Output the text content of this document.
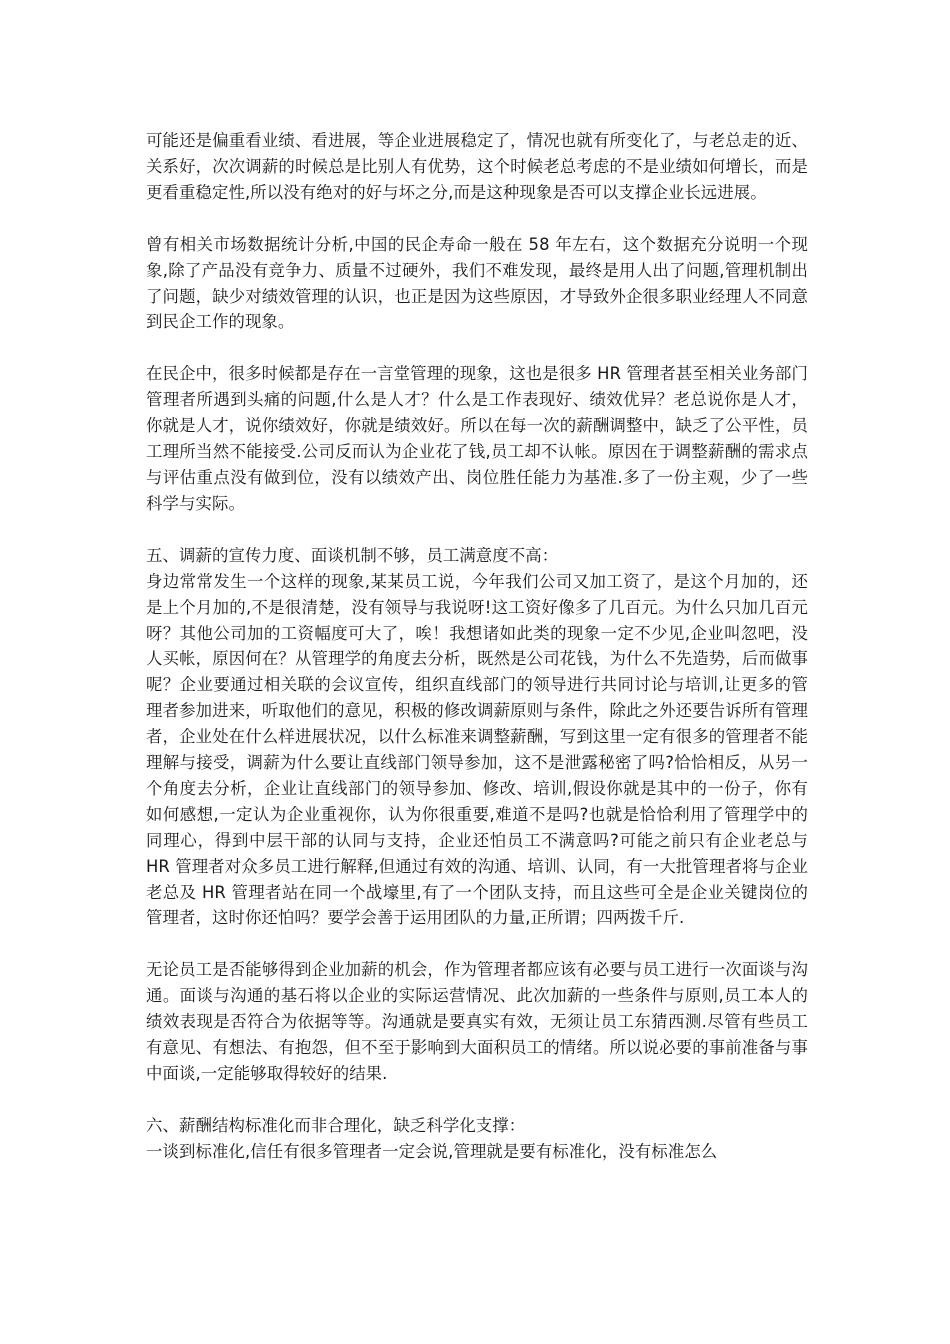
可能还是偏重看业绩、看进展，等企业进展稳定了，情况也就有所变化了，与老总走的近、关系好，次次调薪的时候总是比别人有优势，这个时候老总考虑的不是业绩如何增长，而是更看重稳定性,所以没有绝对的好与坏之分,而是这种现象是否可以支撑企业长远进展。

曾有相关市场数据统计分析,中国的民企寿命一般在 58 年左右，这个数据充分说明一个现象,除了产品没有竞争力、质量不过硬外，我们不难发现，最终是用人出了问题,管理机制出了问题，缺少对绩效管理的认识，也正是因为这些原因，才导致外企很多职业经理人不同意到民企工作的现象。

在民企中，很多时候都是存在一言堂管理的现象，这也是很多 HR 管理者甚至相关业务部门管理者所遇到头痛的问题,什么是人才？什么是工作表现好、绩效优异？老总说你是人才，你就是人才，说你绩效好，你就是绩效好。所以在每一次的薪酬调整中，缺乏了公平性，员工理所当然不能接受.公司反而认为企业花了钱,员工却不认帐。原因在于调整薪酬的需求点与评估重点没有做到位，没有以绩效产出、岗位胜任能力为基准.多了一份主观，少了一些科学与实际。

五、调薪的宣传力度、面谈机制不够，员工满意度不高：

身边常常发生一个这样的现象,某某员工说，今年我们公司又加工资了，是这个月加的，还是上个月加的,不是很清楚，没有领导与我说呀!这工资好像多了几百元。为什么只加几百元呀？其他公司加的工资幅度可大了，唉！我想诸如此类的现象一定不少见,企业叫忽吧，没人买帐，原因何在？从管理学的角度去分析，既然是公司花钱，为什么不先造势，后而做事呢？企业要通过相关联的会议宣传，组织直线部门的领导进行共同讨论与培训,让更多的管理者参加进来，听取他们的意见，积极的修改调薪原则与条件，除此之外还要告诉所有管理者，企业处在什么样进展状况，以什么标准来调整薪酬，写到这里一定有很多的管理者不能理解与接受，调薪为什么要让直线部门领导参加，这不是泄露秘密了吗?恰恰相反，从另一个角度去分析，企业让直线部门的领导参加、修改、培训,假设你就是其中的一份子，你有如何感想,一定认为企业重视你，认为你很重要,难道不是吗?也就是恰恰利用了管理学中的同理心，得到中层干部的认同与支持，企业还怕员工不满意吗?可能之前只有企业老总与 HR 管理者对众多员工进行解释,但通过有效的沟通、培训、认同，有一大批管理者将与企业老总及 HR 管理者站在同一个战壕里,有了一个团队支持，而且这些可全是企业关键岗位的管理者，这时你还怕吗？要学会善于运用团队的力量,正所谓；四两拨千斤.

无论员工是否能够得到企业加薪的机会，作为管理者都应该有必要与员工进行一次面谈与沟通。面谈与沟通的基石将以企业的实际运营情况、此次加薪的一些条件与原则,员工本人的绩效表现是否符合为依据等等。沟通就是要真实有效，无须让员工东猜西测.尽管有些员工有意见、有想法、有抱怨，但不至于影响到大面积员工的情绪。所以说必要的事前准备与事中面谈,一定能够取得较好的结果.

六、薪酬结构标准化而非合理化，缺乏科学化支撑：

一谈到标准化,信任有很多管理者一定会说,管理就是要有标准化，没有标准怎么
